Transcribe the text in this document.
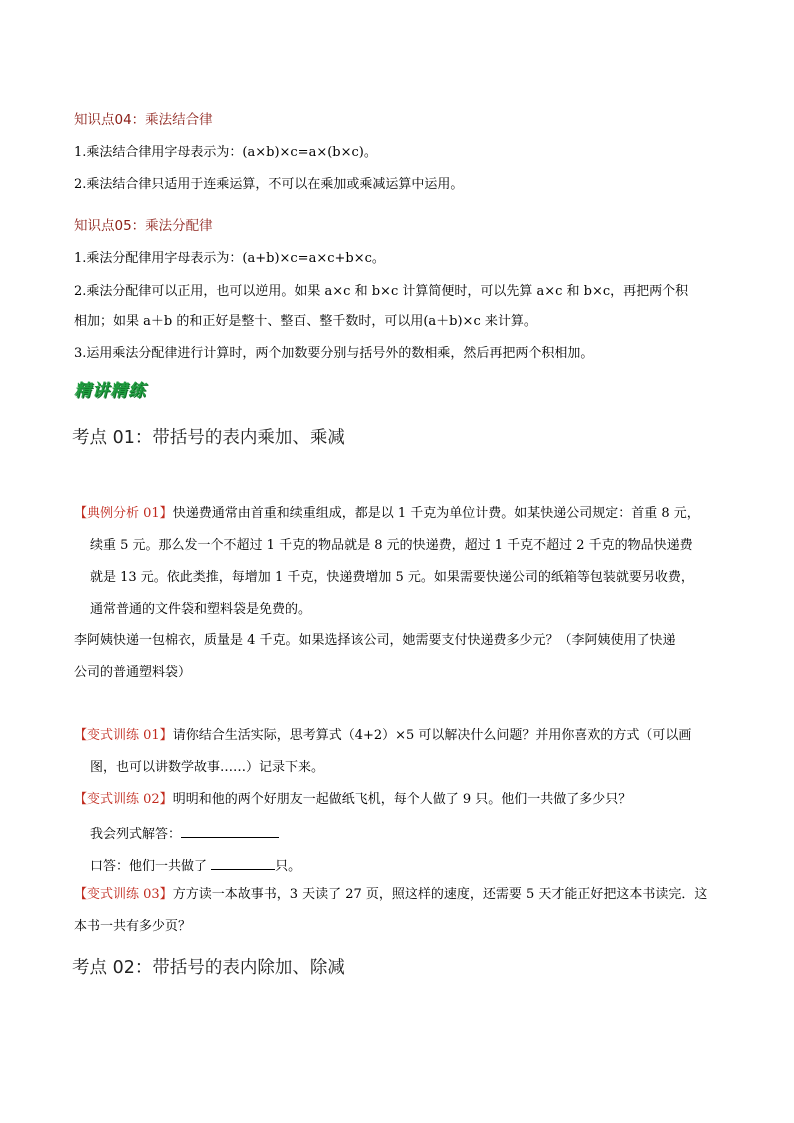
知识点04：乘法结合律
1.乘法结合律用字母表示为：(a×b)×c=a×(b×c)。
2.乘法结合律只适用于连乘运算，不可以在乘加或乘减运算中运用。
知识点05：乘法分配律
1.乘法分配律用字母表示为：(a+b)×c=a×c+b×c。
2.乘法分配律可以正用，也可以逆用。如果 a×c 和 b×c 计算简便时，可以先算 a×c 和 b×c，再把两个积
相加；如果 a＋b 的和正好是整十、整百、整千数时，可以用(a＋b)×c 来计算。
3.运用乘法分配律进行计算时，两个加数要分别与括号外的数相乘，然后再把两个积相加。
精讲精练
考点 01：带括号的表内乘加、乘减
【典例分析 01】快递费通常由首重和续重组成，都是以 1 千克为单位计费。如某快递公司规定：首重 8 元，
续重 5 元。那么发一个不超过 1 千克的物品就是 8 元的快递费，超过 1 千克不超过 2 千克的物品快递费
就是 13 元。依此类推，每增加 1 千克，快递费增加 5 元。如果需要快递公司的纸箱等包装就要另收费，
通常普通的文件袋和塑料袋是免费的。
李阿姨快递一包棉衣，质量是 4 千克。如果选择该公司，她需要支付快递费多少元？（李阿姨使用了快递
公司的普通塑料袋）
【变式训练 01】请你结合生活实际，思考算式（4+2）×5 可以解决什么问题？并用你喜欢的方式（可以画
图，也可以讲数学故事……）记录下来。
【变式训练 02】明明和他的两个好朋友一起做纸飞机，每个人做了 9 只。他们一共做了多少只？
我会列式解答：
口答：他们一共做了	只。
【变式训练 03】方方读一本故事书，3 天读了 27 页，照这样的速度，还需要 5 天才能正好把这本书读完．这
本书一共有多少页？
考点 02：带括号的表内除加、除减
